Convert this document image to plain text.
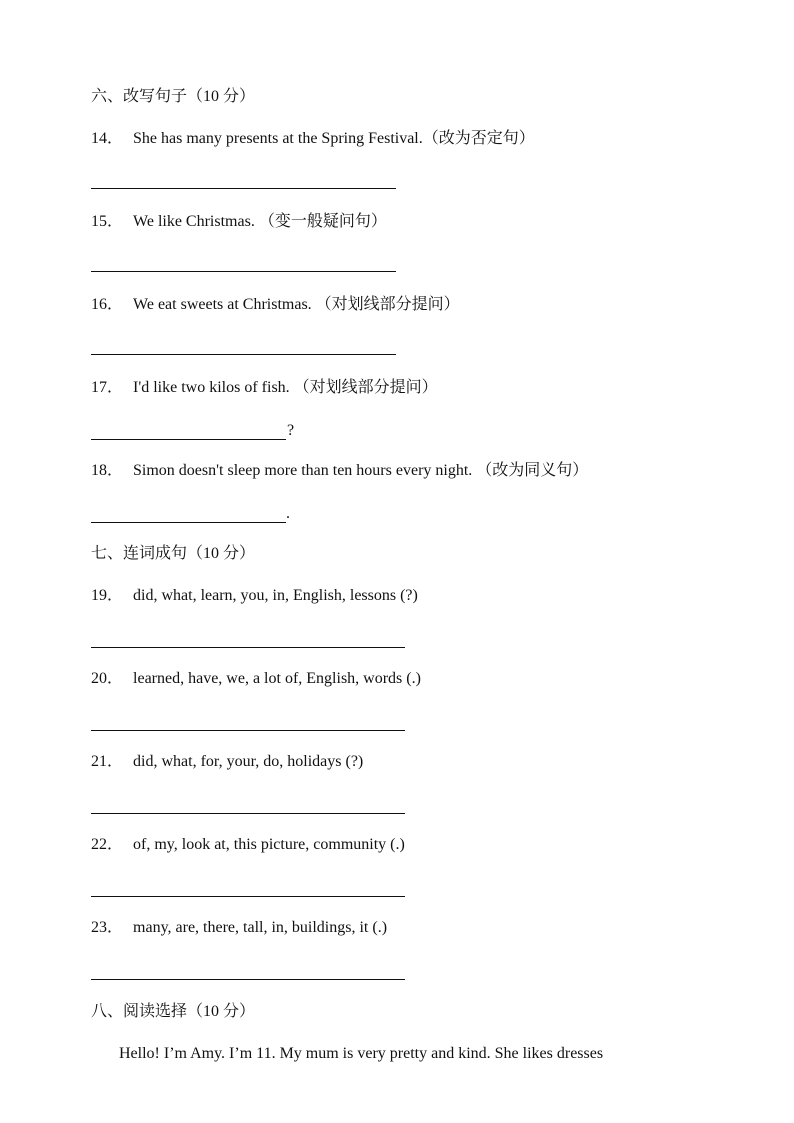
六、改写句子（10 分）
14． She has many presents at the Spring Festival.（改为否定句）
15． We like Christmas. （变一般疑问句）
16． We eat sweets at Christmas. （对划线部分提问）
17． I'd like two kilos of fish. （对划线部分提问）
?
18． Simon doesn't sleep more than ten hours every night. （改为同义句）
.
七、连词成句（10 分）
19． did, what, learn, you, in, English, lessons (?)
20． learned, have, we, a lot of, English, words (.)
21． did, what, for, your, do, holidays (?)
22． of, my, look at, this picture, community (.)
23． many, are, there, tall, in, buildings, it (.)
八、阅读选择（10 分）
Hello! I’m Amy. I’m 11. My mum is very pretty and kind. She likes dresses
